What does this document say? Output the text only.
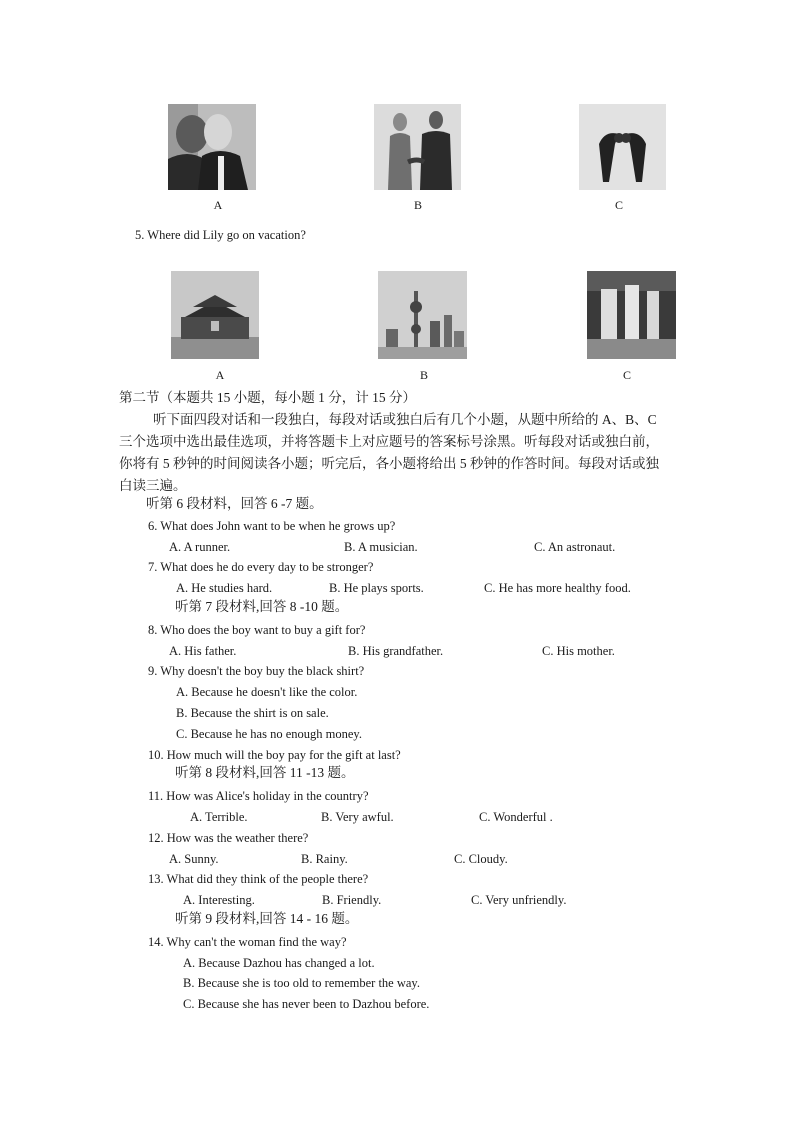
A	B	C
5. Where did Lily go on vacation?
A	B	C
第二节（本题共 15 小题，每小题 1 分，计 15 分）
听下面四段对话和一段独白，每段对话或独白后有几个小题，从题中所给的 A、B、C 三个选项中选出最佳选项，并将答题卡上对应题号的答案标号涂黑。听每段对话或独白前，你将有 5 秒钟的时间阅读各小题；听完后，各小题将给出 5 秒钟的作答时间。每段对话或独白读三遍。
听第 6 段材料，回答 6 -7 题。
6. What does John want to be when he grows up?
A. A runner.	B. A musician.	C. An astronaut.
7. What does he do every day to be stronger?
A. He studies hard.	B. He plays sports.	C. He has more healthy food.
听第 7 段材料,回答 8 -10 题。
8. Who does the boy want to buy a gift for?
A. His father.	B. His grandfather.	C. His mother.
9. Why doesn't the boy buy the black shirt?
A. Because he doesn't like the color.
B. Because the shirt is on sale.
C. Because he has no enough money.
10. How much will the boy pay for the gift at last?
听第 8 段材料,回答 11 -13 题。
11. How was Alice's holiday in the country?
A. Terrible.	B. Very awful.	C. Wonderful .
12. How was the weather there?
A. Sunny.	B. Rainy.	C. Cloudy.
13. What did they think of the people there?
A. Interesting.	B. Friendly.	C. Very unfriendly.
听第 9 段材料,回答 14 - 16 题。
14. Why can't the woman find the way?
A. Because Dazhou has changed a lot.
B. Because she is too old to remember the way.
C. Because she has never been to Dazhou before.
